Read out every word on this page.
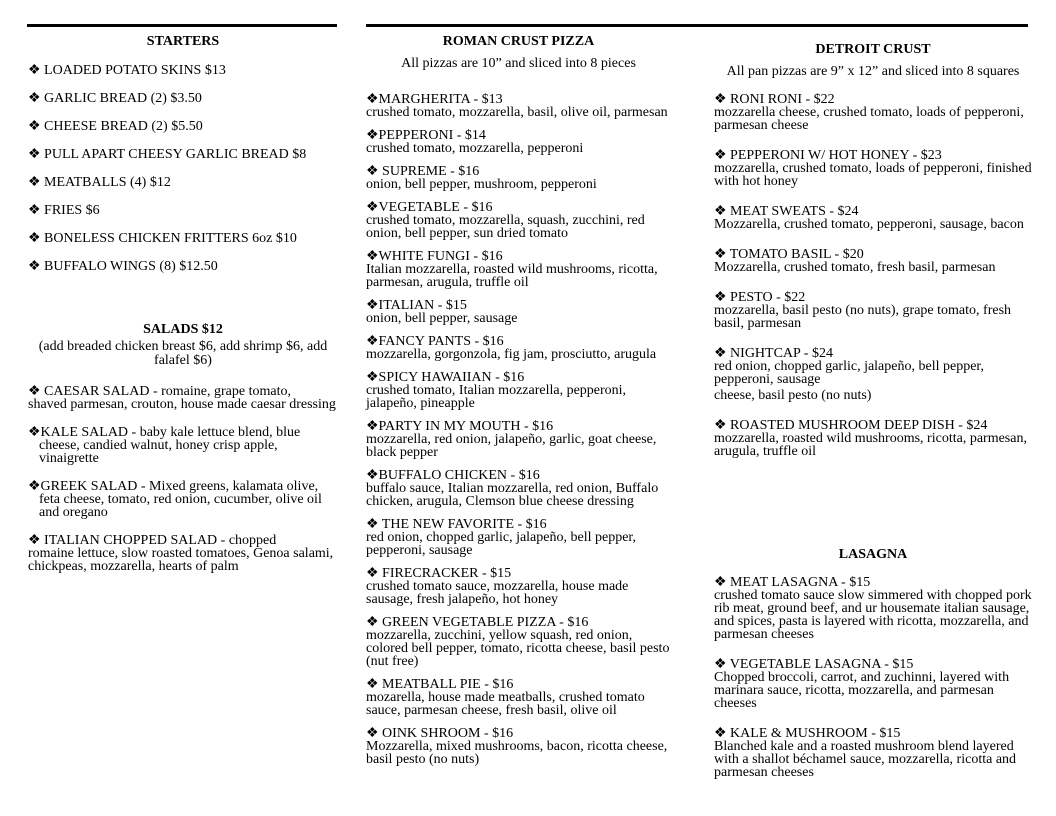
STARTERS
❖ LOADED POTATO SKINS $13
❖ GARLIC BREAD (2) $3.50
❖ CHEESE BREAD (2) $5.50
❖ PULL APART CHEESY GARLIC BREAD $8
❖ MEATBALLS (4) $12
❖ FRIES $6
❖ BONELESS CHICKEN FRITTERS 6oz $10
❖ BUFFALO WINGS (8) $12.50
SALADS $12
(add breaded chicken breast $6, add shrimp $6, add falafel $6)
❖ CAESAR SALAD - romaine, grape tomato,
shaved parmesan, crouton, house made caesar dressing
❖KALE SALAD - baby kale lettuce blend, blue
cheese, candied walnut, honey crisp apple, vinaigrette
❖GREEK SALAD - Mixed greens, kalamata olive,
feta cheese, tomato, red onion, cucumber, olive oil and oregano
❖ ITALIAN CHOPPED SALAD - chopped
romaine lettuce, slow roasted tomatoes, Genoa salami, chickpeas, mozzarella, hearts of palm
ROMAN CRUST PIZZA
All pizzas are 10” and sliced into 8 pieces
❖MARGHERITA - $13
crushed tomato, mozzarella, basil, olive oil, parmesan
❖PEPPERONI - $14
crushed tomato, mozzarella, pepperoni
❖ SUPREME - $16
onion, bell pepper, mushroom, pepperoni
❖VEGETABLE - $16
crushed tomato, mozzarella, squash, zucchini, red onion, bell pepper, sun dried tomato
❖WHITE FUNGI - $16
Italian mozzarella, roasted wild mushrooms, ricotta, parmesan, arugula, truffle oil
❖ITALIAN - $15
onion, bell pepper, sausage
❖FANCY PANTS - $16
mozzarella, gorgonzola, fig jam, prosciutto, arugula
❖SPICY HAWAIIAN - $16
crushed tomato, Italian mozzarella, pepperoni, jalapeño, pineapple
❖PARTY IN MY MOUTH - $16
mozzarella, red onion, jalapeño, garlic, goat cheese, black pepper
❖BUFFALO CHICKEN - $16
buffalo sauce, Italian mozzarella, red onion, Buffalo chicken, arugula, Clemson blue cheese dressing
❖ THE NEW FAVORITE - $16
red onion, chopped garlic, jalapeño, bell pepper, pepperoni, sausage
❖ FIRECRACKER - $15
crushed tomato sauce, mozzarella, house made sausage, fresh jalapeño, hot honey
❖ GREEN VEGETABLE PIZZA - $16
mozzarella, zucchini, yellow squash, red onion, colored bell pepper, tomato, ricotta cheese, basil pesto (nut free)
❖ MEATBALL PIE - $16
mozarella, house made meatballs, crushed tomato sauce, parmesan cheese, fresh basil, olive oil
❖ OINK SHROOM - $16
Mozzarella, mixed mushrooms, bacon, ricotta cheese, basil pesto (no nuts)
DETROIT CRUST
All pan pizzas are 9” x 12” and sliced into 8 squares
❖ RONI RONI - $22
mozzarella cheese, crushed tomato, loads of pepperoni, parmesan cheese
❖ PEPPERONI W/ HOT HONEY - $23
mozzarella, crushed tomato, loads of pepperoni, finished with hot honey
❖ MEAT SWEATS - $24
Mozzarella, crushed tomato, pepperoni, sausage, bacon
❖ TOMATO BASIL - $20
Mozzarella, crushed tomato, fresh basil, parmesan
❖ PESTO - $22
mozzarella, basil pesto (no nuts), grape tomato, fresh basil, parmesan
❖ NIGHTCAP - $24
red onion, chopped garlic, jalapeño, bell pepper, pepperoni, sausage
cheese, basil pesto (no nuts)
❖ ROASTED MUSHROOM DEEP DISH - $24
mozzarella, roasted wild mushrooms, ricotta, parmesan, arugula, truffle oil
LASAGNA
❖ MEAT LASAGNA - $15
crushed tomato sauce slow simmered with chopped pork rib meat, ground beef, and ur housemate italian sausage, and spices, pasta is layered with ricotta, mozzarella, and parmesan cheeses
❖ VEGETABLE LASAGNA - $15
Chopped broccoli, carrot, and zuchinni, layered with marinara sauce, ricotta, mozzarella, and parmesan cheeses
❖ KALE & MUSHROOM - $15
Blanched kale and a roasted mushroom blend layered with a shallot béchamel sauce, mozzarella, ricotta and parmesan cheeses
